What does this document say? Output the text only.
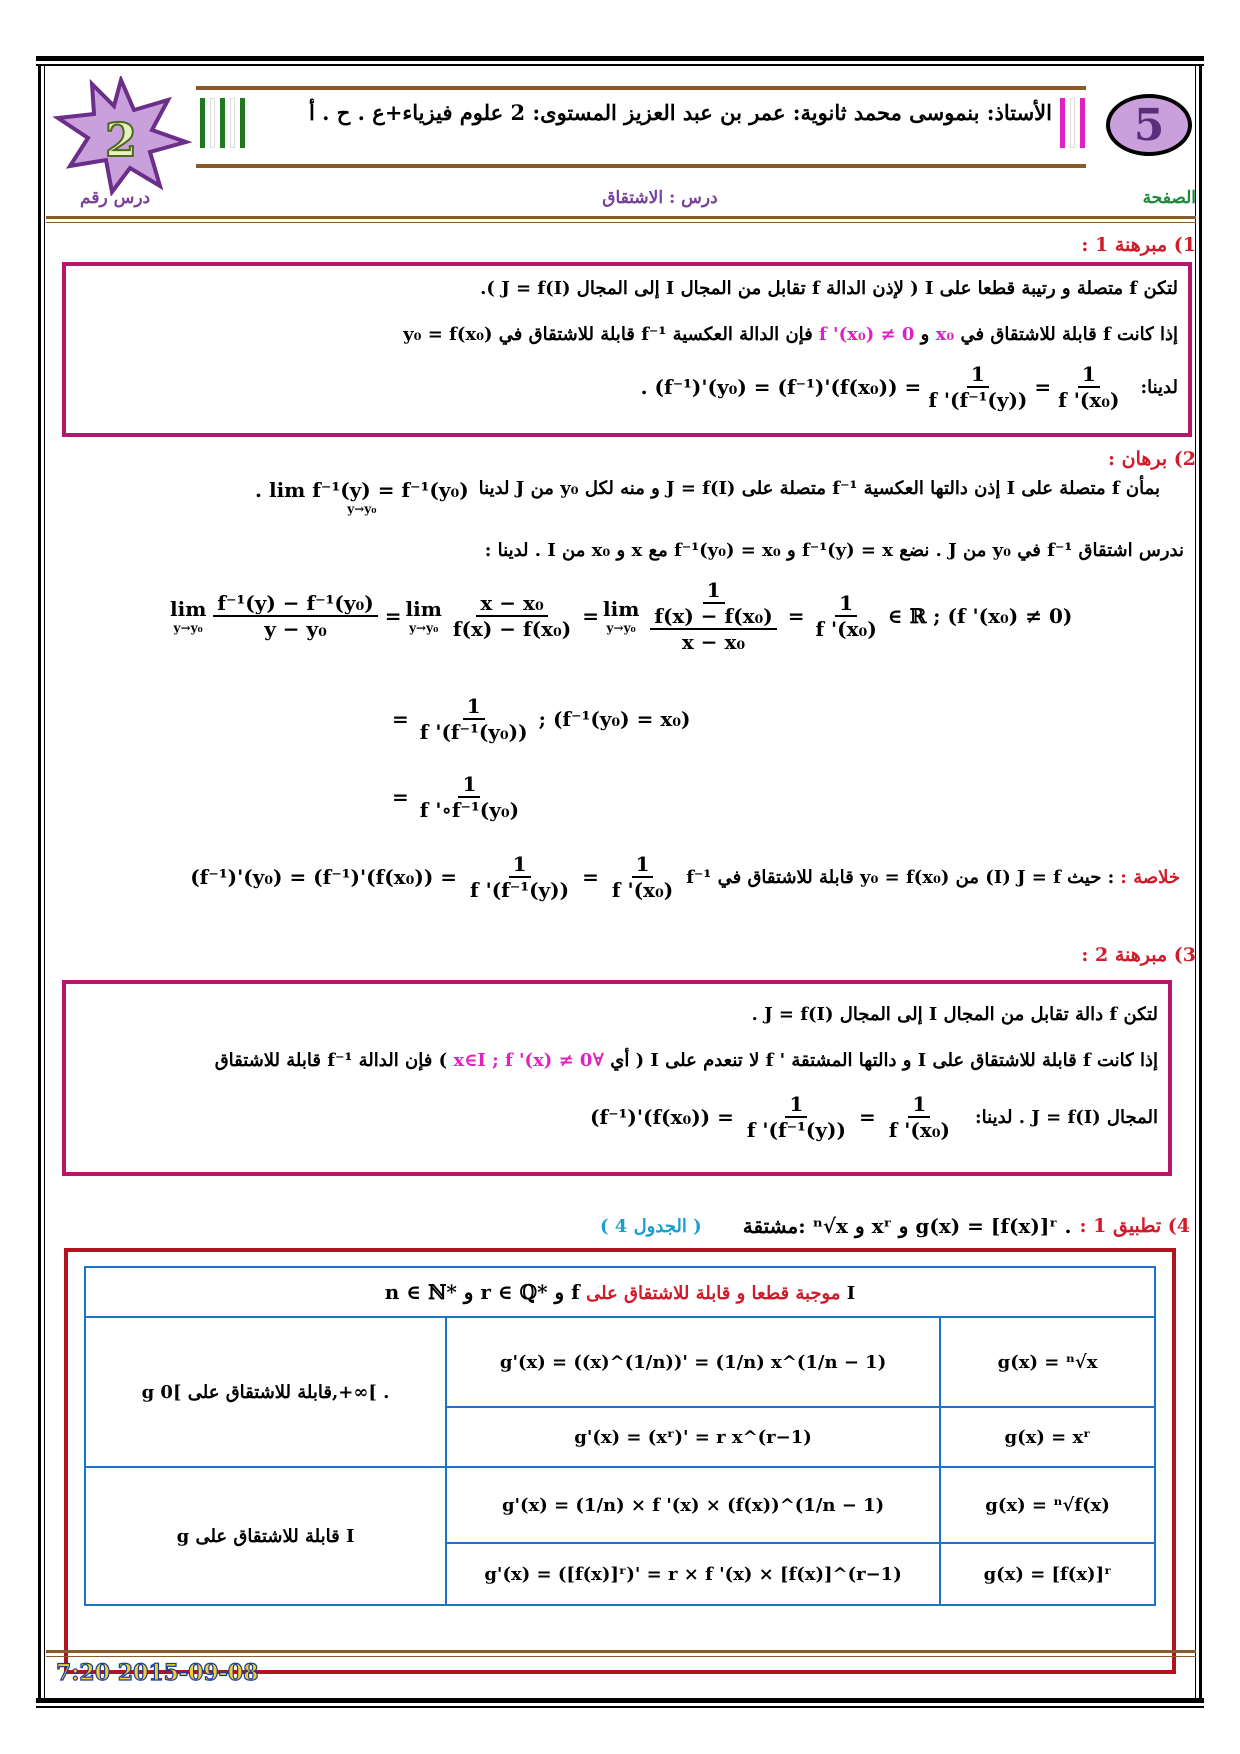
2
الأستاذ: بنموسى محمد ثانوية: عمر بن عبد العزيز المستوى: 2 علوم فيزياء+ع . ح . أ 5
الصفحة
درس : الاشتقاق
درس رقم
1) مبرهنة 1 :
لتكن f متصلة و رتيبة قطعا على I ( لإذن الدالة f تقابل من المجال I إلى المجال J = f(I) ).
إذا كانت f قابلة للاشتقاق في x₀ و f '(x₀) ≠ 0 فإن الدالة العكسية f⁻¹ قابلة للاشتقاق في y₀ = f(x₀)
. $(f^{-1})'(y_0) = (f^{-1})'(f(x_0)) = \frac{1}{\text{f '(f⁻¹(y))}} = \frac{1}{\text{f '(x₀)}}$ لدينا:
2) برهان :
. lim f⁻¹(y) = f⁻¹(y₀)
y→y₀
بمأن f متصلة على I إذن دالتها العكسية f⁻¹ متصلة على J = f(I) و منه لكل y₀ من J لدينا
ندرس اشتقاق f⁻¹ في y₀ من J . نضع f⁻¹(y) = x و f⁻¹(y₀) = x₀ مع x و x₀ من I . لدينا :
lim
$y\to y_0 \frac{\text{f⁻¹(y) − f⁻¹(y₀)}}{\text{y − y₀}} = \lim$
$y\to y_0 \frac{\text{x − x₀}}{\text{f(x) − f(x₀)}} = \lim$
$y\to y_0 \frac{1}{\frac{\text{f(x) − f(x₀)}}{\text{x − x₀}}} = \frac{1}{\text{f '(x₀)}}$ ∈ ℝ ; (f '(x₀) ≠ 0)
= $\frac{1}{\text{f '(f⁻¹(y₀))}}$ ; (f⁻¹(y₀) = x₀)
= $\frac{1}{\text{f '∘f⁻¹(y₀)}}$
$(f^{-1})'(y_0) = (f^{-1})'(f(x_0)) = \frac{1}{\text{f '(f⁻¹(y))}} = \frac{1}{\text{f '(x₀)}} f^{-1}$ قابلة للاشتقاق في y₀ = f(x₀) من (I) J = f حيث : خلاصة :
3) مبرهنة 2 :
لتكن f دالة تقابل من المجال I إلى المجال J = f(I) .
إذا كانت f قابلة للاشتقاق على I و دالتها المشتقة ' f لا تنعدم على I ( أي ∀x∈I ; f '(x) ≠ 0 ) فإن الدالة f⁻¹ قابلة للاشتقاق
$(f^{-1})'(f(x_0)) = \frac{1}{\text{f '(f⁻¹(y))}} = \frac{1}{\text{f '(x₀)}}$ المجال J = f(I) . لدينا:
مشتقة: ⁿ√x و xʳ و g(x) = [f(x)]ʳ . 4) تطبيق 1 :
( الجدول 4 )
n ∈ ℕ* و r ∈ ℚ* و f موجبة قطعا و قابلة للاشتقاق على I		
g قابلة للاشتقاق على ]0,+∞[ .	g'(x) = ((x)^(1/n))' = (1/n) x^(1/n − 1)	g(x) = ⁿ√x
	g'(x) = (xʳ)' = r x^(r−1)	g(x) = xʳ
g قابلة للاشتقاق على I	g'(x) = (1/n) × f '(x) × (f(x))^(1/n − 1)	g(x) = ⁿ√f(x)
	g'(x) = ([f(x)]ʳ)' = r × f '(x) × [f(x)]^(r−1)	g(x) = [f(x)]ʳ
7:20 2015-09-08
